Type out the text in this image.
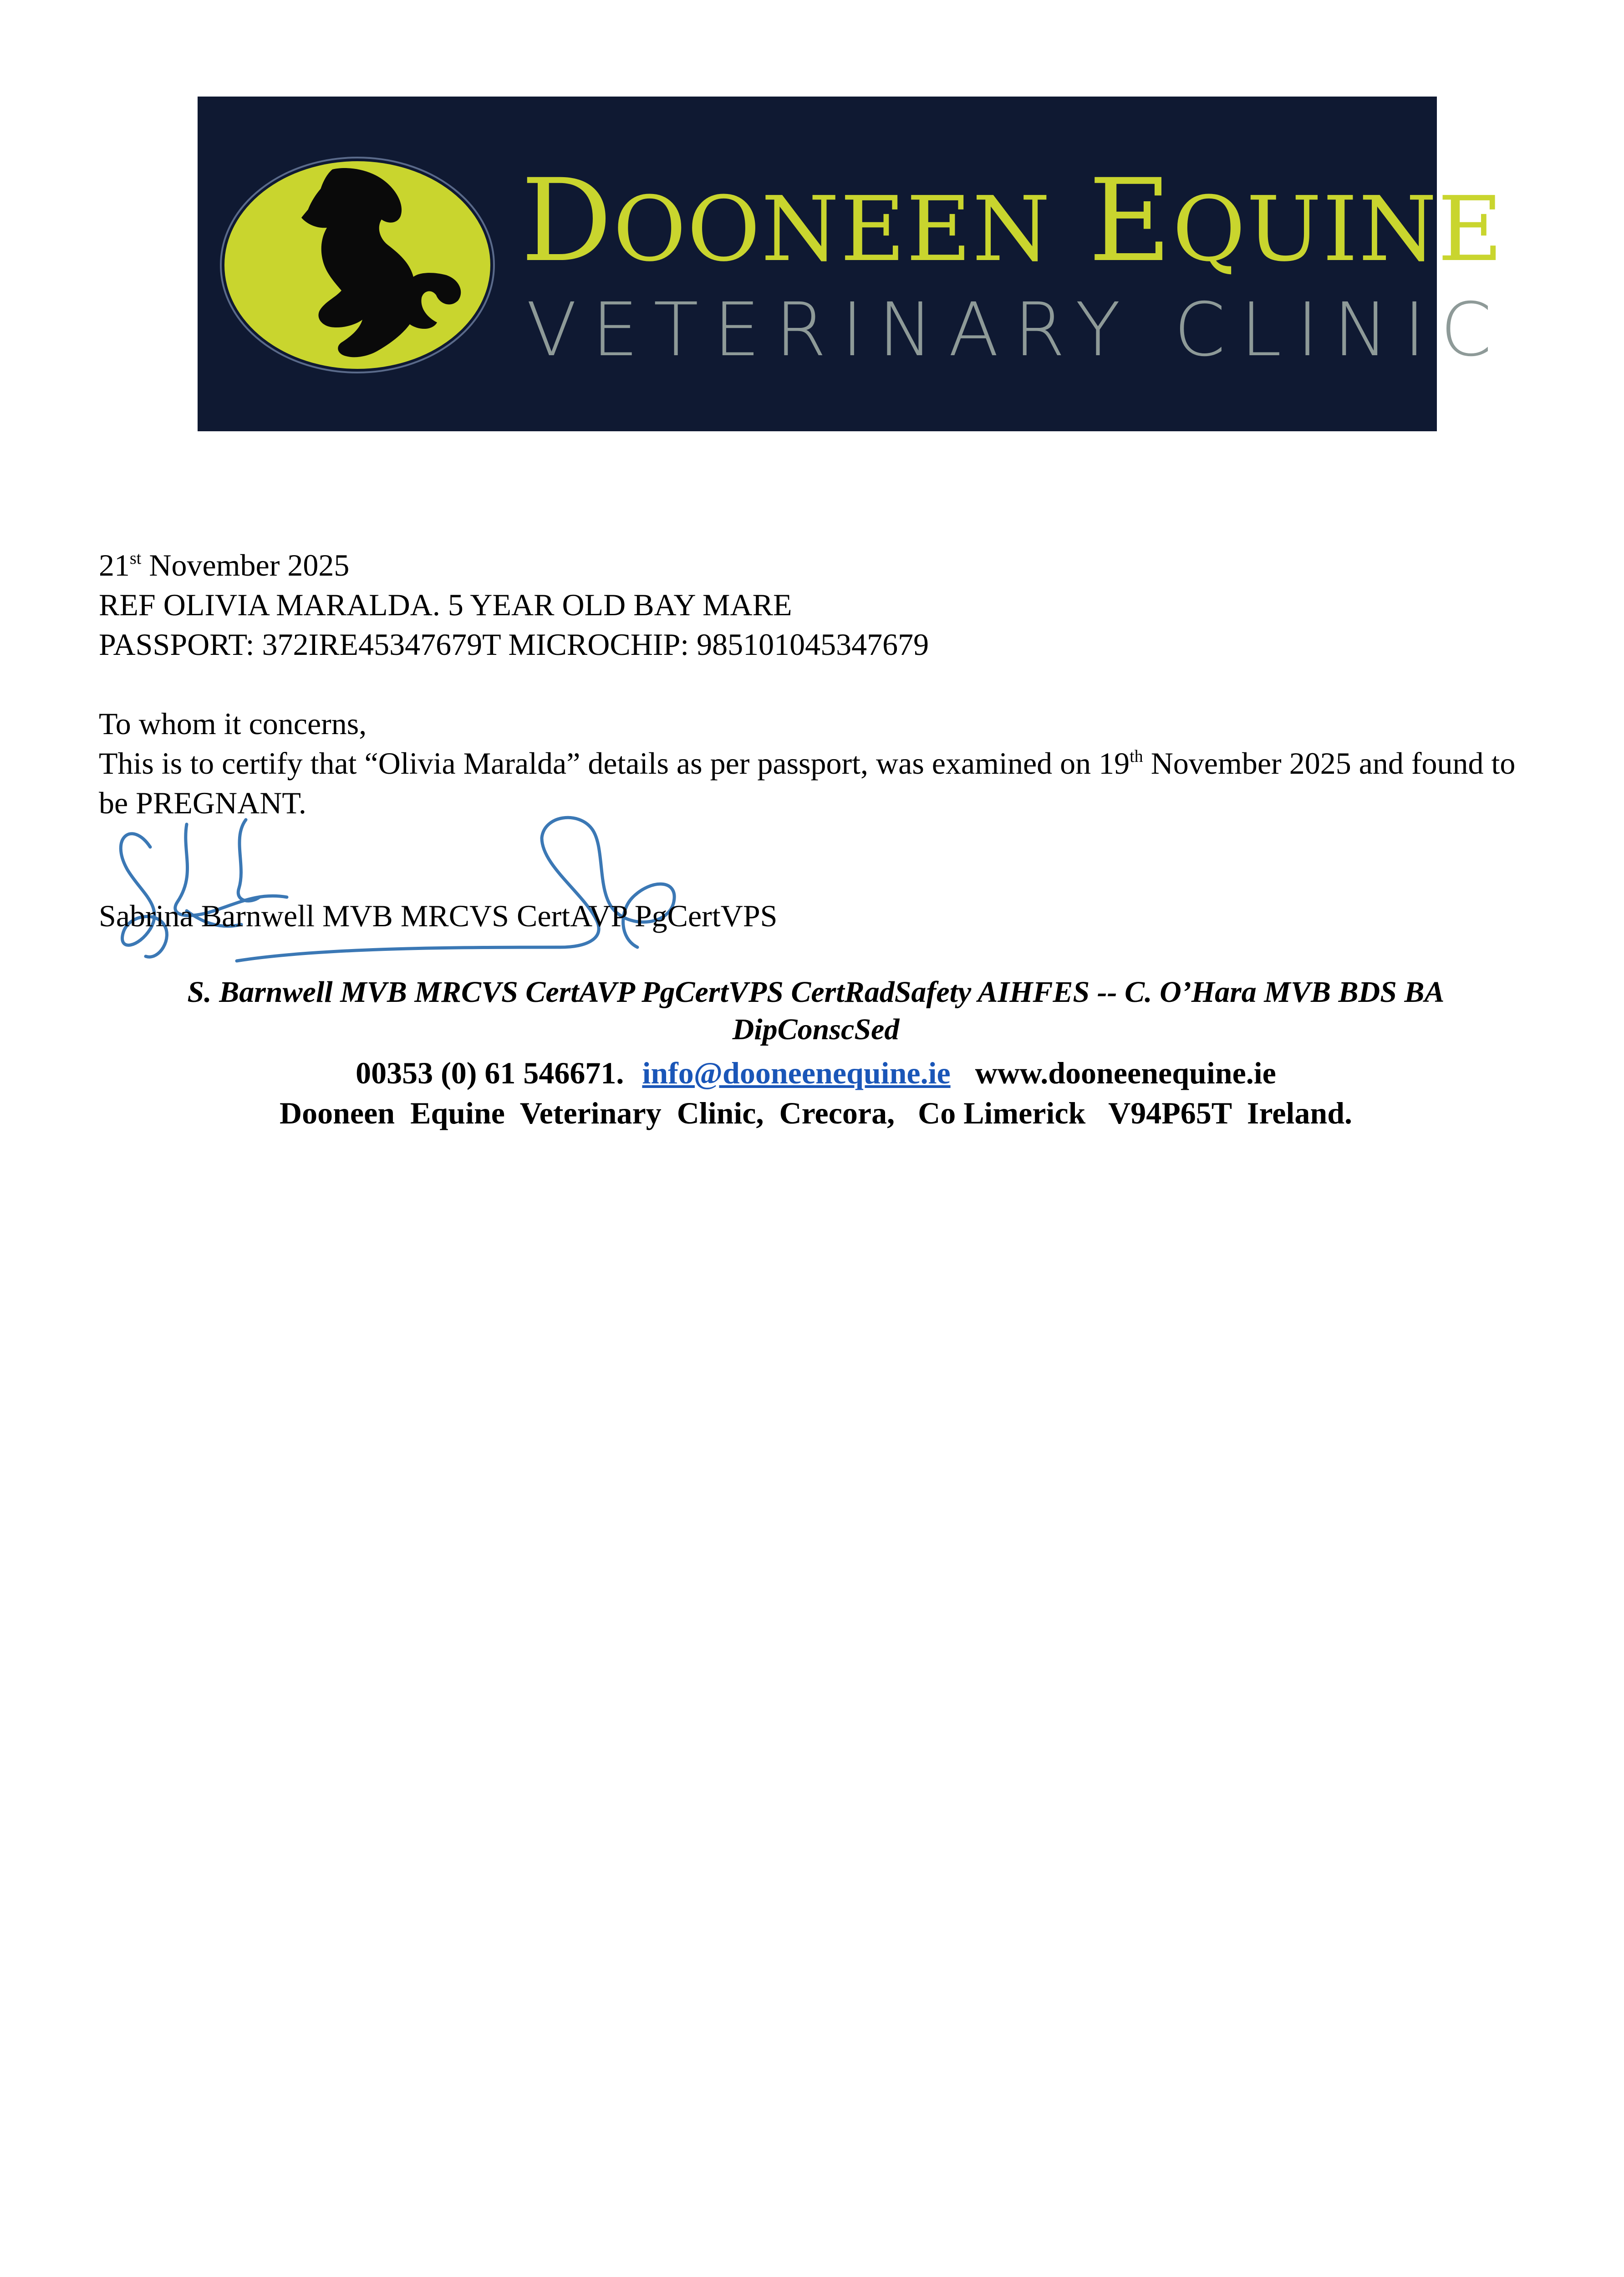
DOONEEN EQUINE
VETERINARY CLINIC

21st November 2025

REF OLIVIA MARALDA. 5 YEAR OLD BAY MARE

PASSPORT: 372IRE45347679T MICROCHIP: 985101045347679

To whom it concerns,

This is to certify that “Olivia Maralda” details as per passport, was examined on 19th November 2025 and found to be PREGNANT.

Sabrina Barnwell MVB MRCVS CertAVP PgCertVPS

S. Barnwell MVB MRCVS CertAVP PgCertVPS CertRadSafety AIHFES -- C. O’Hara MVB BDS BA DipConscSed

00353 (0) 61 546671. info@dooneenequine.ie www.dooneenequine.ie

Dooneen  Equine  Veterinary  Clinic,  Crecora,   Co Limerick   V94P65T  Ireland.
